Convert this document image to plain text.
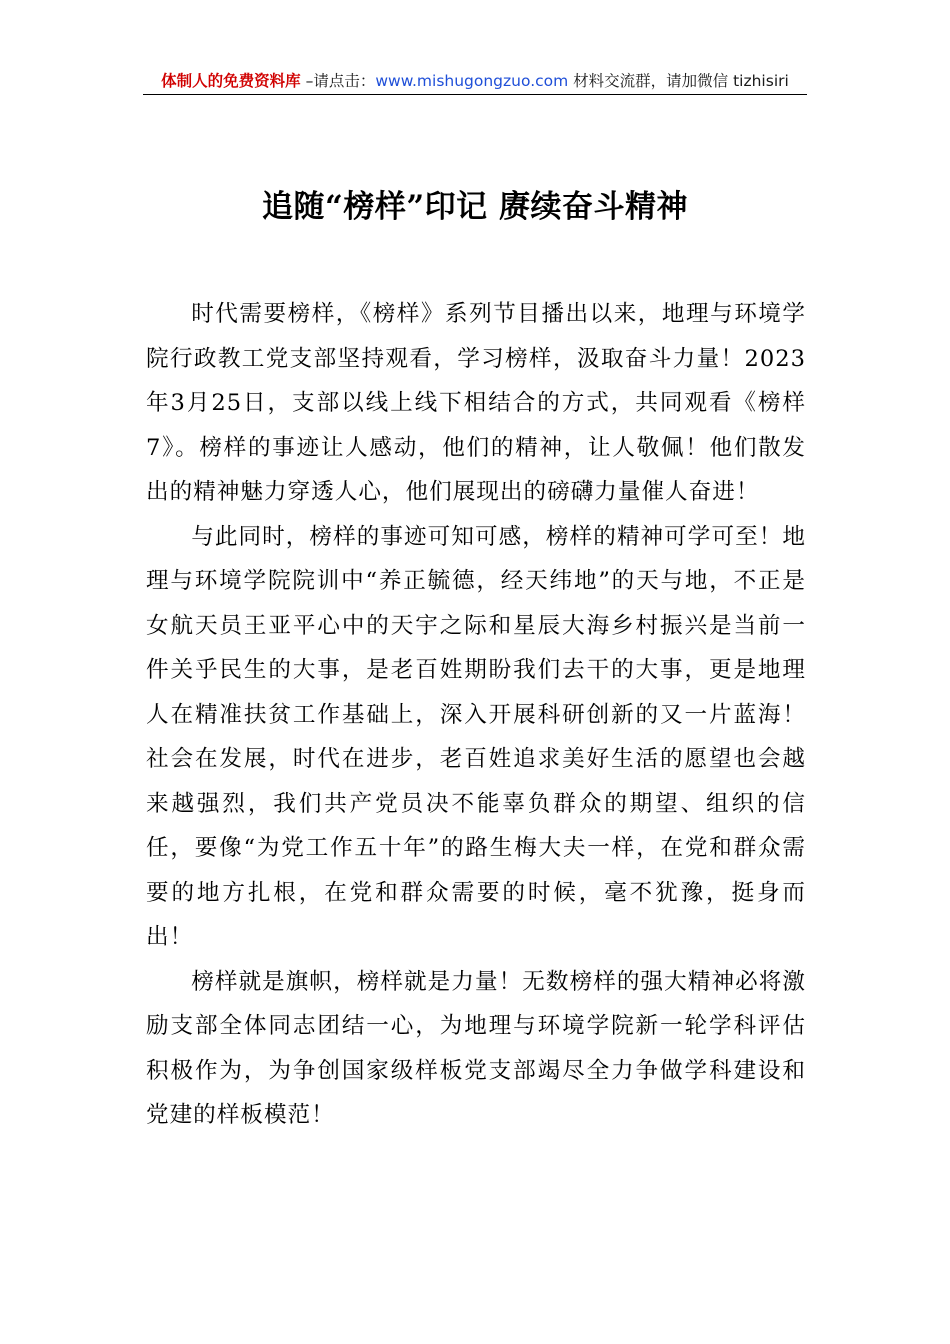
体制人的免费资料库 –请点击：www.mishugongzuo.com 材料交流群，请加微信 tizhisiri
追随“榜样”印记 赓续奋斗精神

时代需要榜样，《榜样》系列节目播出以来，地理与环境学院行政教工党支部坚持观看，学习榜样，汲取奋斗力量！2023年3月25日，支部以线上线下相结合的方式，共同观看《榜样7》。榜样的事迹让人感动，他们的精神，让人敬佩！他们散发出的精神魅力穿透人心，他们展现出的磅礴力量催人奋进！

与此同时，榜样的事迹可知可感，榜样的精神可学可至！地理与环境学院院训中“养正毓德，经天纬地”的天与地，不正是女航天员王亚平心中的天宇之际和星辰大海乡村振兴是当前一件关乎民生的大事，是老百姓期盼我们去干的大事，更是地理人在精准扶贫工作基础上，深入开展科研创新的又一片蓝海！社会在发展，时代在进步，老百姓追求美好生活的愿望也会越来越强烈，我们共产党员决不能辜负群众的期望、组织的信任，要像“为党工作五十年”的路生梅大夫一样，在党和群众需要的地方扎根，在党和群众需要的时候，毫不犹豫，挺身而出！

榜样就是旗帜，榜样就是力量！无数榜样的强大精神必将激励支部全体同志团结一心，为地理与环境学院新一轮学科评估积极作为，为争创国家级样板党支部竭尽全力争做学科建设和党建的样板模范！
